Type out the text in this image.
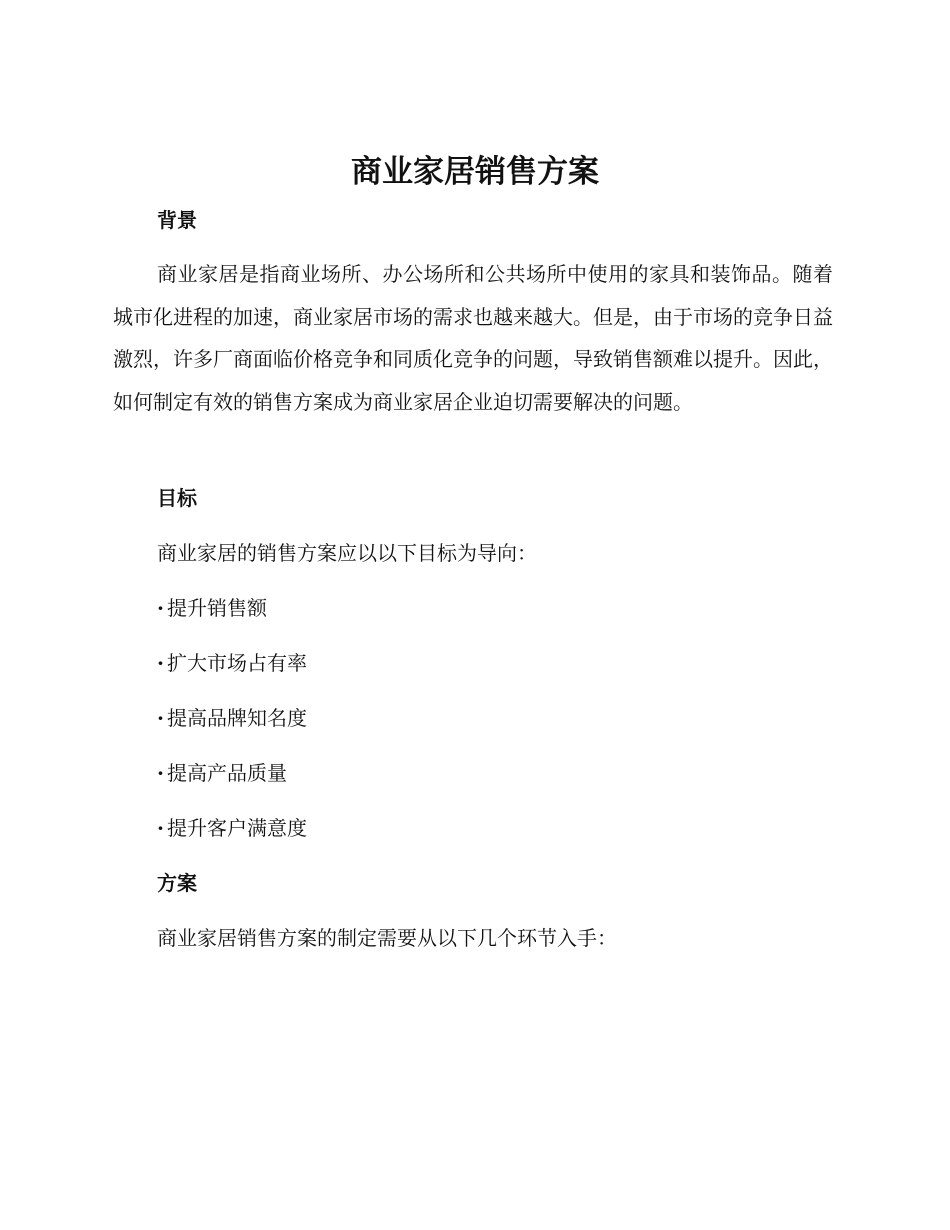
商业家居销售方案
背景

商业家居是指商业场所、办公场所和公共场所中使用的家具和装饰品。随着城市化进程的加速，商业家居市场的需求也越来越大。但是，由于市场的竞争日益激烈，许多厂商面临价格竞争和同质化竞争的问题，导致销售额难以提升。因此，如何制定有效的销售方案成为商业家居企业迫切需要解决的问题。

目标
商业家居的销售方案应以以下目标为导向：
· 提升销售额
· 扩大市场占有率
· 提高品牌知名度
· 提高产品质量
· 提升客户满意度
方案
商业家居销售方案的制定需要从以下几个环节入手：
